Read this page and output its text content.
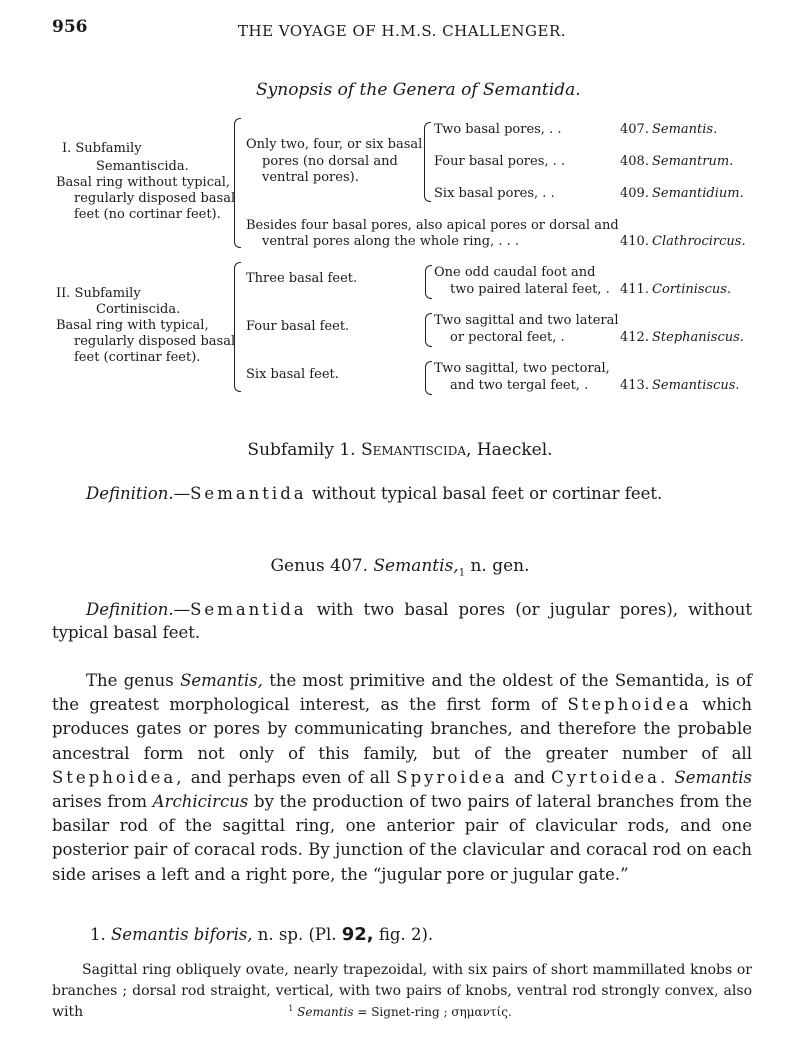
956	THE VOYAGE OF H.M.S. CHALLENGER.
Synopsis of the Genera of Semantida.
I. Subfamily
Semantiscida.
Basal ring without typical,
regularly disposed basal
feet (no cortinar feet).
Only two, four, or six basal
pores (no dorsal and
ventral pores).
Two basal pores, . .	407. Semantis.
Four basal pores, . .	408. Semantrum.
Six basal pores, . .	409. Semantidium.
Besides four basal pores, also apical pores or dorsal and
ventral pores along the whole ring, . . .	410. Clathrocircus.
II. Subfamily
Cortiniscida.
Basal ring with typical,
regularly disposed basal
feet (cortinar feet).
Three basal feet.	One odd caudal foot and
two paired lateral feet, . 411. Cortiniscus.
Four basal feet.	Two sagittal and two lateral
or pectoral feet, .	412. Stephaniscus.
Six basal feet.	Two sagittal, two pectoral,
and two tergal feet, . 413. Semantiscus.
Subfamily 1. Semantiscida, Haeckel.
Definition.—Semantida without typical basal feet or cortinar feet.
Genus 407. $Semantis,_1$ n. gen.
Definition.—Semantida with two basal pores (or jugular pores), without typical basal feet.
The genus Semantis, the most primitive and the oldest of the Semantida, is of the greatest morphological interest, as the first form of Stephoidea which produces gates or pores by communicating branches, and therefore the probable ancestral form not only of this family, but of the greater number of all Stephoidea, and perhaps even of all Spyroidea and Cyrtoidea. Semantis arises from Archicircus by the production of two pairs of lateral branches from the basilar rod of the sagittal ring, one anterior pair of clavicular rods, and one posterior pair of coracal rods. By junction of the clavicular and coracal rod on each side arises a left and a right pore, the “jugular pore or jugular gate.”
1. Semantis biforis, n. sp. (Pl. 92, fig. 2).
Sagittal ring obliquely ovate, nearly trapezoidal, with six pairs of short mammillated knobs or branches ; dorsal rod straight, vertical, with two pairs of knobs, ventral rod strongly convex, also with	$^1$ Semantis = Signet-ring ; σημαντίς.
